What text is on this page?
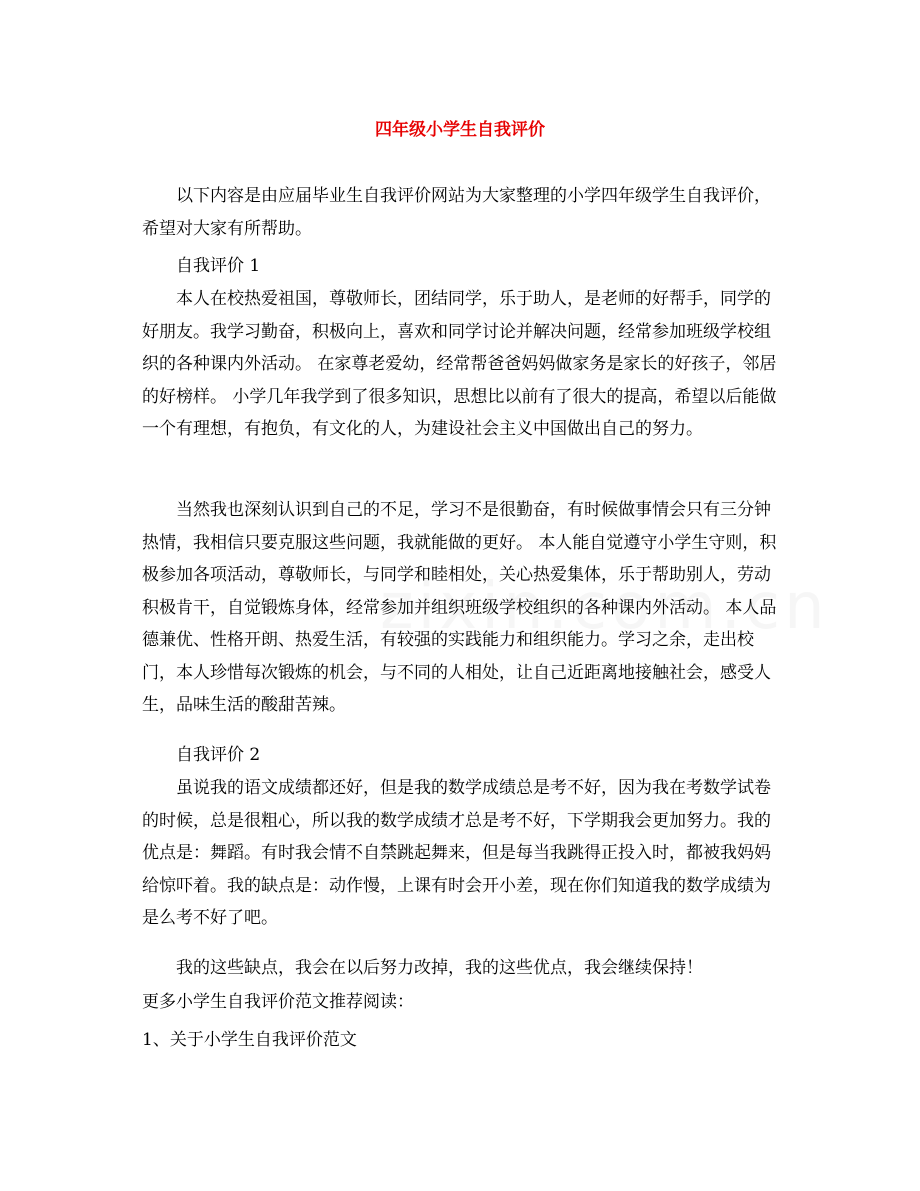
四年级小学生自我评价

以下内容是由应届毕业生自我评价网站为大家整理的小学四年级学生自我评价，希望对大家有所帮助。

自我评价 1

本人在校热爱祖国，尊敬师长，团结同学，乐于助人，是老师的好帮手，同学的好朋友。我学习勤奋，积极向上，喜欢和同学讨论并解决问题，经常参加班级学校组织的各种课内外活动。 在家尊老爱幼，经常帮爸爸妈妈做家务是家长的好孩子，邻居的好榜样。 小学几年我学到了很多知识，思想比以前有了很大的提高，希望以后能做一个有理想，有抱负，有文化的人，为建设社会主义中国做出自己的努力。

当然我也深刻认识到自己的不足，学习不是很勤奋，有时候做事情会只有三分钟热情，我相信只要克服这些问题，我就能做的更好。 本人能自觉遵守小学生守则，积极参加各项活动，尊敬师长，与同学和睦相处，关心热爱集体，乐于帮助别人，劳动积极肯干，自觉锻炼身体，经常参加并组织班级学校组织的各种课内外活动。 本人品德兼优、性格开朗、热爱生活，有较强的实践能力和组织能力。学习之余，走出校门，本人珍惜每次锻炼的机会，与不同的人相处，让自己近距离地接触社会，感受人生，品味生活的酸甜苦辣。

自我评价 2

虽说我的语文成绩都还好，但是我的数学成绩总是考不好，因为我在考数学试卷的时候，总是很粗心，所以我的数学成绩才总是考不好，下学期我会更加努力。我的优点是：舞蹈。有时我会情不自禁跳起舞来，但是每当我跳得正投入时，都被我妈妈给惊吓着。我的缺点是：动作慢，上课有时会开小差，现在你们知道我的数学成绩为是么考不好了吧。

我的这些缺点，我会在以后努力改掉，我的这些优点，我会继续保持！

更多小学生自我评价范文推荐阅读：

1、关于小学生自我评价范文
